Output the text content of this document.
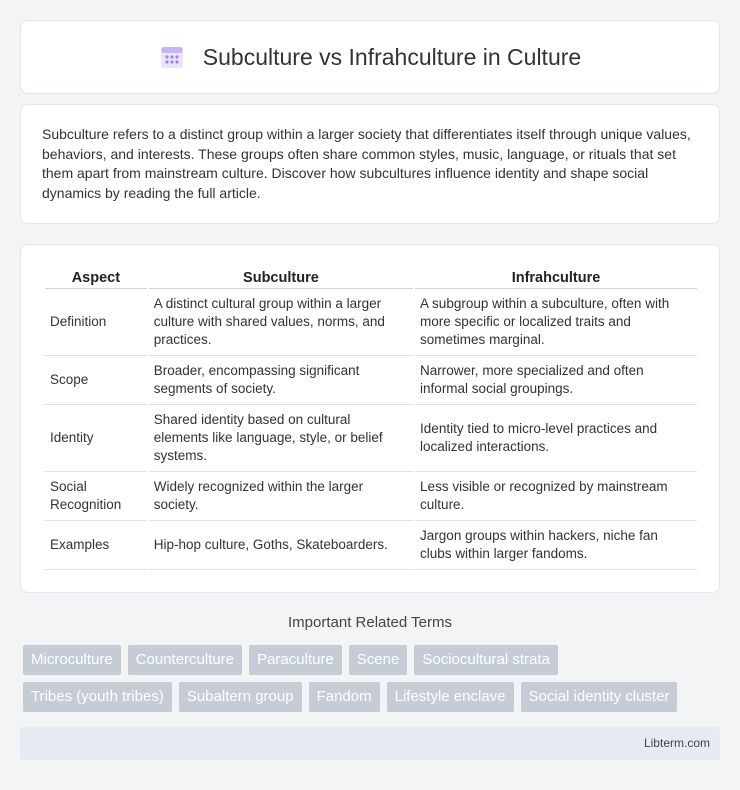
Subculture vs Infrahculture in Culture

Subculture refers to a distinct group within a larger society that differentiates itself through unique values, behaviors, and interests. These groups often share common styles, music, language, or rituals that set them apart from mainstream culture. Discover how subcultures influence identity and shape social dynamics by reading the full article.

Aspect	Subculture	Infrahculture
Definition	A distinct cultural group within a larger culture with shared values, norms, and practices.	A subgroup within a subculture, often with more specific or localized traits and sometimes marginal.
Scope	Broader, encompassing significant segments of society.	Narrower, more specialized and often informal social groupings.
Identity	Shared identity based on cultural elements like language, style, or belief systems.	Identity tied to micro-level practices and localized interactions.
Social Recognition	Widely recognized within the larger society.	Less visible or recognized by mainstream culture.
Examples	Hip-hop culture, Goths, Skateboarders.	Jargon groups within hackers, niche fan clubs within larger fandoms.
Important Related Terms
Microculture	Counterculture	Paraculture	Scene	Sociocultural strata
Tribes (youth tribes)	Subaltern group	Fandom	Lifestyle enclave	Social identity cluster
Libterm.com
